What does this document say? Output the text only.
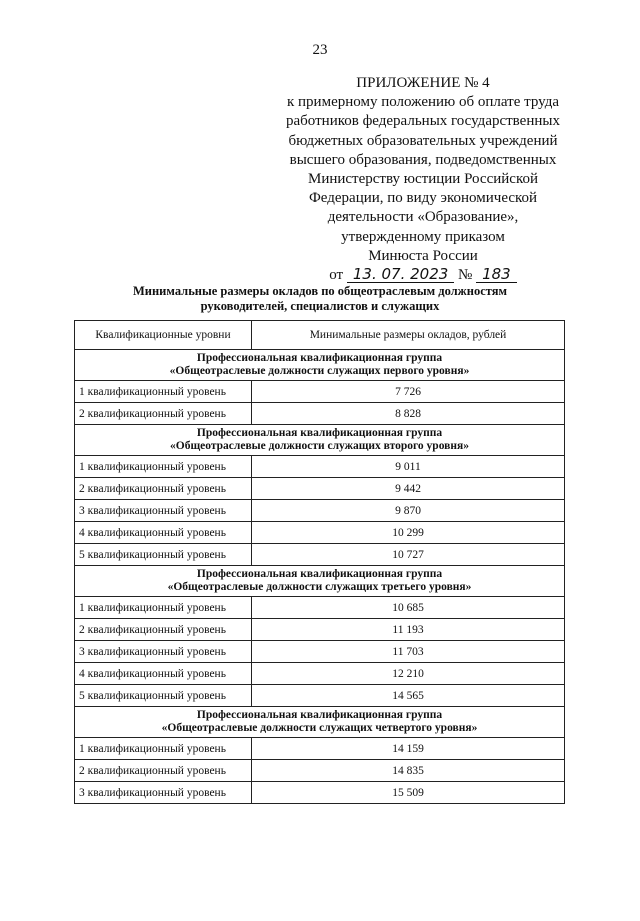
23
ПРИЛОЖЕНИЕ № 4
к примерному положению об оплате труда
работников федеральных государственных
бюджетных образовательных учреждений
высшего образования, подведомственных
Министерству юстиции Российской
Федерации, по виду экономической
деятельности «Образование»,
утвержденному приказом
Минюста России
от 13. 07. 2023 № 183
Минимальные размеры окладов по общеотраслевым должностям
руководителей, специалистов и служащих
Квалификационные уровни	Минимальные размеры окладов, рублей

Профессиональная квалификационная группа
«Общеотраслевые должности служащих первого уровня»	

1 квалификационный уровень	7 726
2 квалификационный уровень	8 828

Профессиональная квалификационная группа
«Общеотраслевые должности служащих второго уровня»	

1 квалификационный уровень	9 011
2 квалификационный уровень	9 442
3 квалификационный уровень	9 870
4 квалификационный уровень	10 299
5 квалификационный уровень	10 727

Профессиональная квалификационная группа
«Общеотраслевые должности служащих третьего уровня»	

1 квалификационный уровень	10 685
2 квалификационный уровень	11 193
3 квалификационный уровень	11 703
4 квалификационный уровень	12 210
5 квалификационный уровень	14 565

Профессиональная квалификационная группа
«Общеотраслевые должности служащих четвертого уровня»	

1 квалификационный уровень	14 159
2 квалификационный уровень	14 835
3 квалификационный уровень	15 509
